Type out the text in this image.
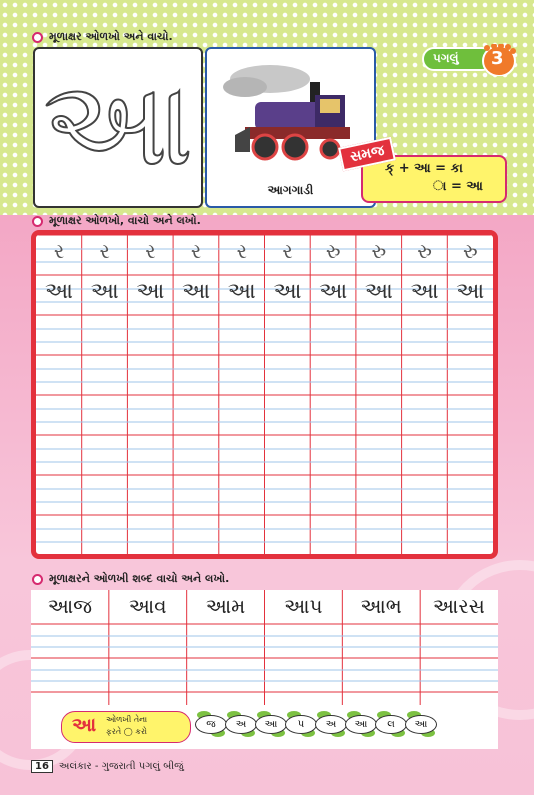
મૂળાક્ષર ઓળખો અને વાચો.
પગલું 3
આ	આગગાડી
ક્ + આ = કા
ા = આ
સમજ
મૂળાક્ષર ઓળખો, વાચો અને લખો.
ર	ર	ર	ર	ર	ર	રુ	રુ	રુ	રુ
આ આ આ આ આ આ આ આ આ આ
મૂળાક્ષરને ઓળખી શબ્દ વાચો અને લખો.
આજ	આવ	આમ	આપ	આભ	આરસ
આ ઓળખી તેના
ફરતે ◯ કરો
જ	અ	આ	પ	અ	આ	લ	આ
16	અલંકાર - ગુજરાતી પગલું બીજું
